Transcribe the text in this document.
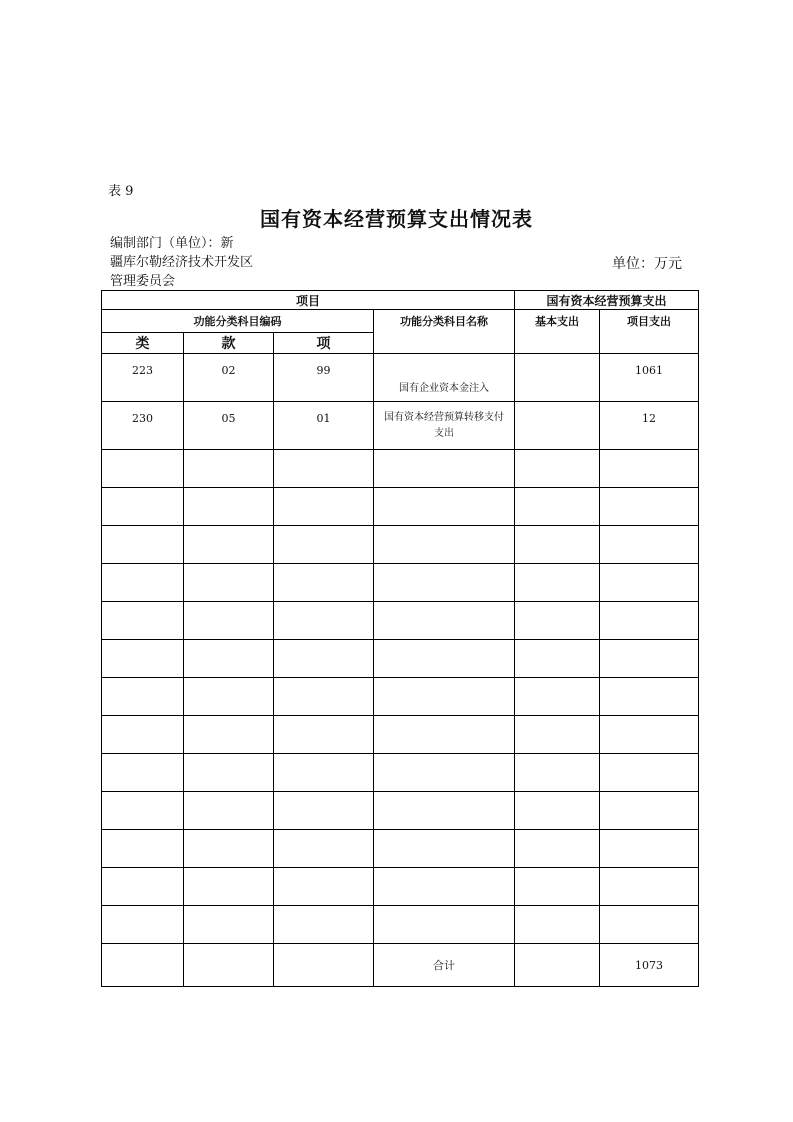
表 9
国有资本经营预算支出情况表
编制部门（单位）：新
疆库尔勒经济技术开发区
管理委员会
单位：万元
项目				国有资本经营预算支出	
功能分类科目编码			功能分类科目名称	基本支出	项目支出
类	款	项			
223	02	99	国有企业资本金注入		1061
230	05	01	国有资本经营预算转移支付支出		12

			合计		1073
